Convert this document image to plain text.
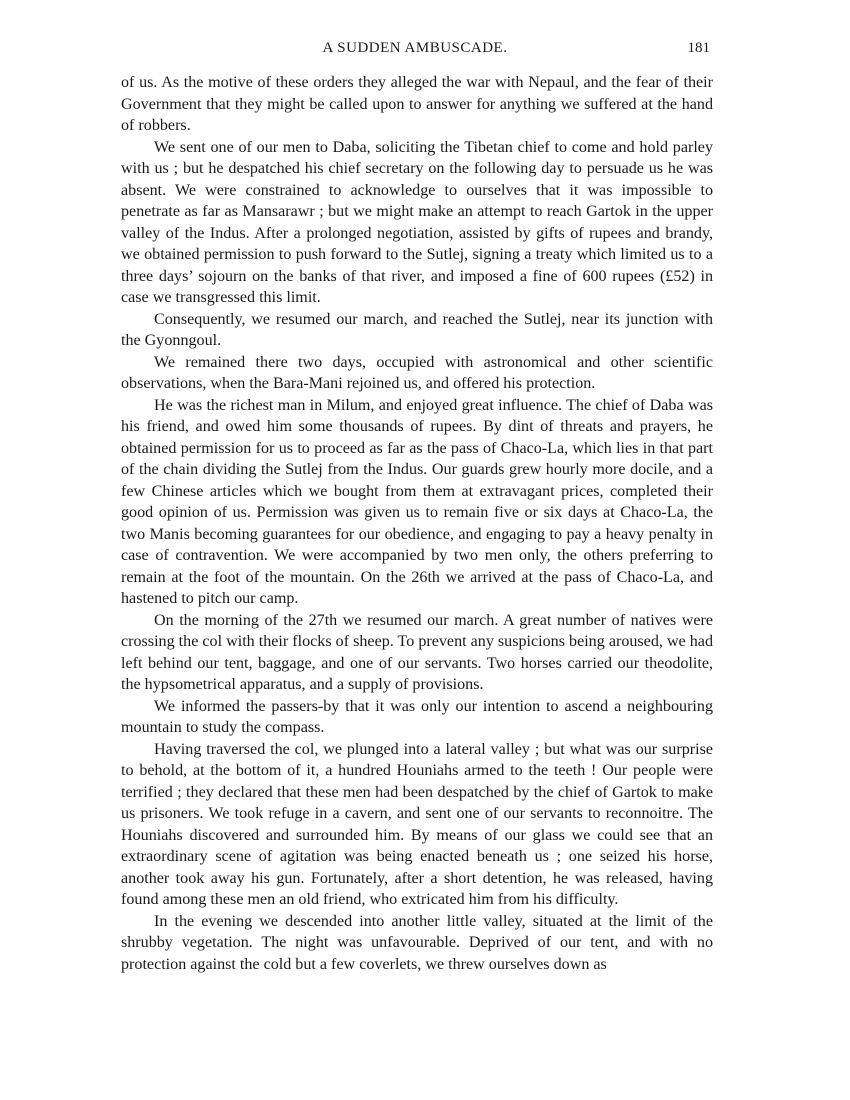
A SUDDEN AMBUSCADE.	181

of us. As the motive of these orders they alleged the war with Nepaul, and the fear of their Government that they might be called upon to answer for anything we suffered at the hand of robbers.

We sent one of our men to Daba, soliciting the Tibetan chief to come and hold parley with us ; but he despatched his chief secretary on the following day to persuade us he was absent. We were constrained to acknowledge to ourselves that it was impossible to penetrate as far as Mansarawr ; but we might make an attempt to reach Gartok in the upper valley of the Indus. After a prolonged negotiation, assisted by gifts of rupees and brandy, we obtained permission to push forward to the Sutlej, signing a treaty which limited us to a three days’ sojourn on the banks of that river, and imposed a fine of 600 rupees (£52) in case we transgressed this limit.

Consequently, we resumed our march, and reached the Sutlej, near its junction with the Gyonngoul.

We remained there two days, occupied with astronomical and other scientific observations, when the Bara-Mani rejoined us, and offered his protection.

He was the richest man in Milum, and enjoyed great influence. The chief of Daba was his friend, and owed him some thousands of rupees. By dint of threats and prayers, he obtained permission for us to proceed as far as the pass of Chaco-La, which lies in that part of the chain dividing the Sutlej from the Indus. Our guards grew hourly more docile, and a few Chinese articles which we bought from them at extravagant prices, completed their good opinion of us. Permission was given us to remain five or six days at Chaco-La, the two Manis becoming guarantees for our obedience, and engaging to pay a heavy penalty in case of contravention. We were accompanied by two men only, the others preferring to remain at the foot of the mountain. On the 26th we arrived at the pass of Chaco-La, and hastened to pitch our camp.

On the morning of the 27th we resumed our march. A great number of natives were crossing the col with their flocks of sheep. To prevent any suspicions being aroused, we had left behind our tent, baggage, and one of our servants. Two horses carried our theodolite, the hypsometrical apparatus, and a supply of provisions.

We informed the passers-by that it was only our intention to ascend a neighbouring mountain to study the compass.

Having traversed the col, we plunged into a lateral valley ; but what was our surprise to behold, at the bottom of it, a hundred Houniahs armed to the teeth ! Our people were terrified ; they declared that these men had been despatched by the chief of Gartok to make us prisoners. We took refuge in a cavern, and sent one of our servants to reconnoitre. The Houniahs discovered and surrounded him. By means of our glass we could see that an extraordinary scene of agitation was being enacted beneath us ; one seized his horse, another took away his gun. Fortunately, after a short detention, he was released, having found among these men an old friend, who extricated him from his difficulty.

In the evening we descended into another little valley, situated at the limit of the shrubby vegetation. The night was unfavourable. Deprived of our tent, and with no protection against the cold but a few coverlets, we threw ourselves down as
